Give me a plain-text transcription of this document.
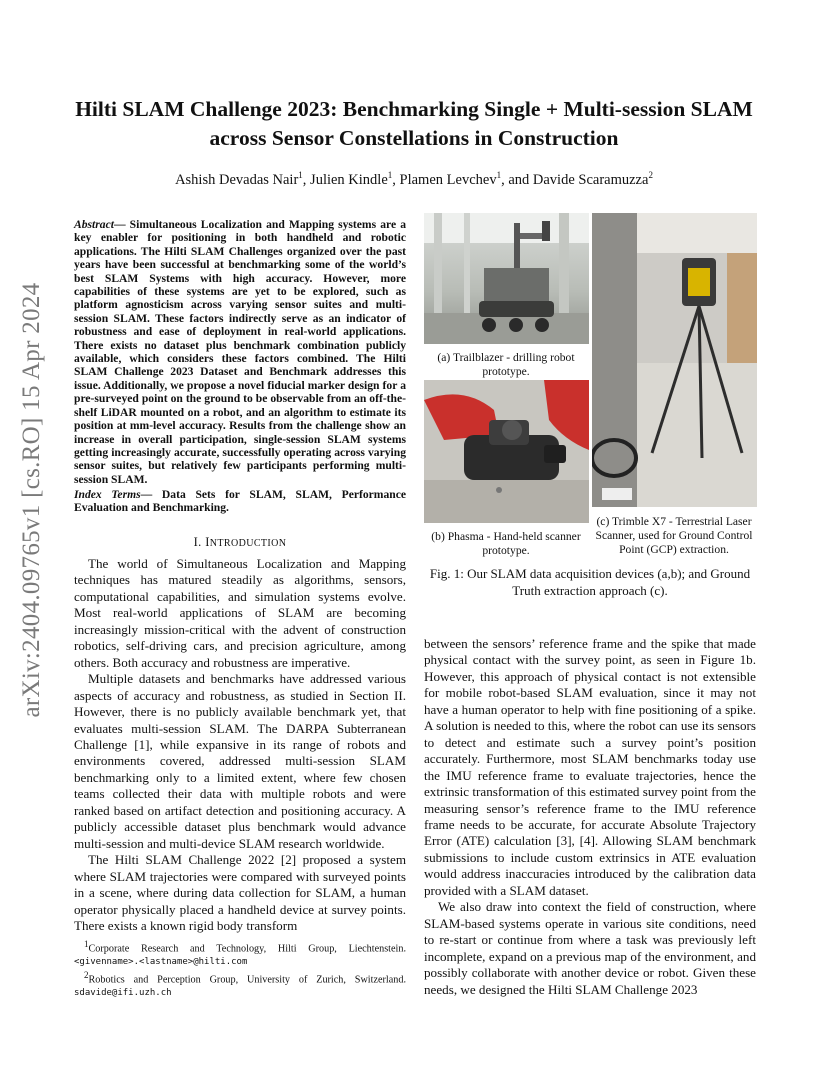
Hilti SLAM Challenge 2023: Benchmarking Single + Multi-session SLAM across Sensor Constellations in Construction
Ashish Devadas Nair$^1$, Julien Kindle$^1$, Plamen Levchev$^1$, and Davide Scaramuzza$^2$
arXiv:2404.09765v1 [cs.RO] 15 Apr 2024
Abstract— Simultaneous Localization and Mapping systems are a key enabler for positioning in both handheld and robotic applications. The Hilti SLAM Challenges organized over the past years have been successful at benchmarking some of the world’s best SLAM Systems with high accuracy. However, more capabilities of these systems are yet to be explored, such as platform agnosticism across varying sensor suites and multi-session SLAM. These factors indirectly serve as an indicator of robustness and ease of deployment in real-world applications. There exists no dataset plus benchmark combination publicly available, which considers these factors combined. The Hilti SLAM Challenge 2023 Dataset and Benchmark addresses this issue. Additionally, we propose a novel fiducial marker design for a pre-surveyed point on the ground to be observable from an off-the-shelf LiDAR mounted on a robot, and an algorithm to estimate its position at mm-level accuracy. Results from the challenge show an increase in overall participation, single-session SLAM systems getting increasingly accurate, successfully operating across varying sensor suites, but relatively few participants performing multi-session SLAM.
Index Terms— Data Sets for SLAM, SLAM, Performance Evaluation and Benchmarking.
I. INTRODUCTION

The world of Simultaneous Localization and Mapping techniques has matured steadily as algorithms, sensors, computational capabilities, and simulation systems evolve. Most real-world applications of SLAM are becoming increasingly mission-critical with the advent of construction robotics, self-driving cars, and precision agriculture, among others. Both accuracy and robustness are imperative.

Multiple datasets and benchmarks have addressed various aspects of accuracy and robustness, as studied in Section II. However, there is no publicly available benchmark yet, that evaluates multi-session SLAM. The DARPA Subterranean Challenge [1], while expansive in its range of robots and environments covered, addressed multi-session SLAM benchmarking only to a limited extent, where few chosen teams collected their data with multiple robots and were ranked based on artifact detection and positioning accuracy. A publicly accessible dataset plus benchmark would advance multi-session and multi-device SLAM research worldwide.

The Hilti SLAM Challenge 2022 [2] proposed a system where SLAM trajectories were compared with surveyed points in a scene, where during data collection for SLAM, a human operator physically placed a handheld device at survey points. There exists a known rigid body transform

$^1$Corporate Research and Technology, Hilti Group, Liechtenstein. <givenname>.<lastname>@hilti.com

$^2$Robotics and Perception Group, University of Zurich, Switzerland. sdavide@ifi.uzh.ch

(a) Trailblazer - drilling robot prototype.
(b) Phasma - Hand-held scanner prototype.
(c) Trimble X7 - Terrestrial Laser Scanner, used for Ground Control Point (GCP) extraction.
Fig. 1: Our SLAM data acquisition devices (a,b); and Ground Truth extraction approach (c).

between the sensors’ reference frame and the spike that made physical contact with the survey point, as seen in Figure 1b. However, this approach of physical contact is not extensible for mobile robot-based SLAM evaluation, since it may not have a human operator to help with fine positioning of a spike. A solution is needed to this, where the robot can use its sensors to detect and estimate such a survey point’s position accurately. Furthermore, most SLAM benchmarks today use the IMU reference frame to evaluate trajectories, hence the extrinsic transformation of this estimated survey point from the measuring sensor’s reference frame to the IMU reference frame needs to be accurate, for accurate Absolute Trajectory Error (ATE) calculation [3], [4]. Allowing SLAM benchmark submissions to include custom extrinsics in ATE evaluation would address inaccuracies introduced by the calibration data provided with a SLAM dataset.

We also draw into context the field of construction, where SLAM-based systems operate in various site conditions, need to re-start or continue from where a task was previously left incomplete, expand on a previous map of the environment, and possibly collaborate with another device or robot. Given these needs, we designed the Hilti SLAM Challenge 2023
